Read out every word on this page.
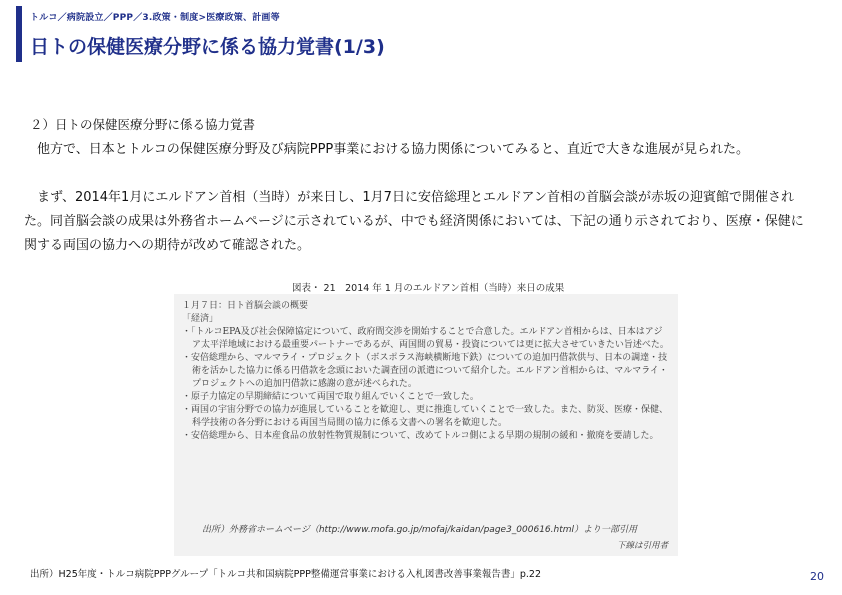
トルコ／病院設立／PPP／3.政策・制度>医療政策、計画等
日トの保健医療分野に係る協力覚書(1/3)
２）日トの保健医療分野に係る協力覚書

　他方で、日本とトルコの保健医療分野及び病院PPP事業における協力関係についてみると、直近で大きな進展が見られた。

　まず、2014年1月にエルドアン首相（当時）が来日し、1月7日に安倍総理とエルドアン首相の首脳会談が赤坂の迎賓館で開催された。同首脳会談の成果は外務省ホームページに示されているが、中でも経済関係においては、下記の通り示されており、医療・保健に関する両国の協力への期待が改めて確認された。

図表・ 21　2014 年 1 月のエルドアン首相（当時）来日の成果
１月７日：日ト首脳会談の概要
「経済」
・「トルコEPA及び社会保障協定について、政府間交渉を開始することで合意した。エルドアン首相からは、日本はアジア太平洋地域における最重要パートナーであるが、両国間の貿易・投資については更に拡大させていきたい旨述べた。
・安倍総理から、マルマライ・プロジェクト（ボスポラス海峡横断地下鉄）についての追加円借款供与、日本の調達・技術を活かした協力に係る円借款を念頭においた調査団の派遣について紹介した。エルドアン首相からは、マルマライ・プロジェクトへの追加円借款に感謝の意が述べられた。
・原子力協定の早期締結について両国で取り組んでいくことで一致した。
・両国の宇宙分野での協力が進展していることを歓迎し、更に推進していくことで一致した。また、防災、医療・保健、科学技術の各分野における両国当局間の協力に係る文書への署名を歓迎した。
・安倍総理から、日本産食品の放射性物質規制について、改めてトルコ側による早期の規制の緩和・撤廃を要請した。
出所）外務省ホームページ（http://www.mofa.go.jp/mofaj/kaidan/page3_000616.html）より一部引用
下線は引用者
出所）H25年度・トルコ病院PPPグループ「トルコ共和国病院PPP整備運営事業における入札図書改善事業報告書」p.22	20
